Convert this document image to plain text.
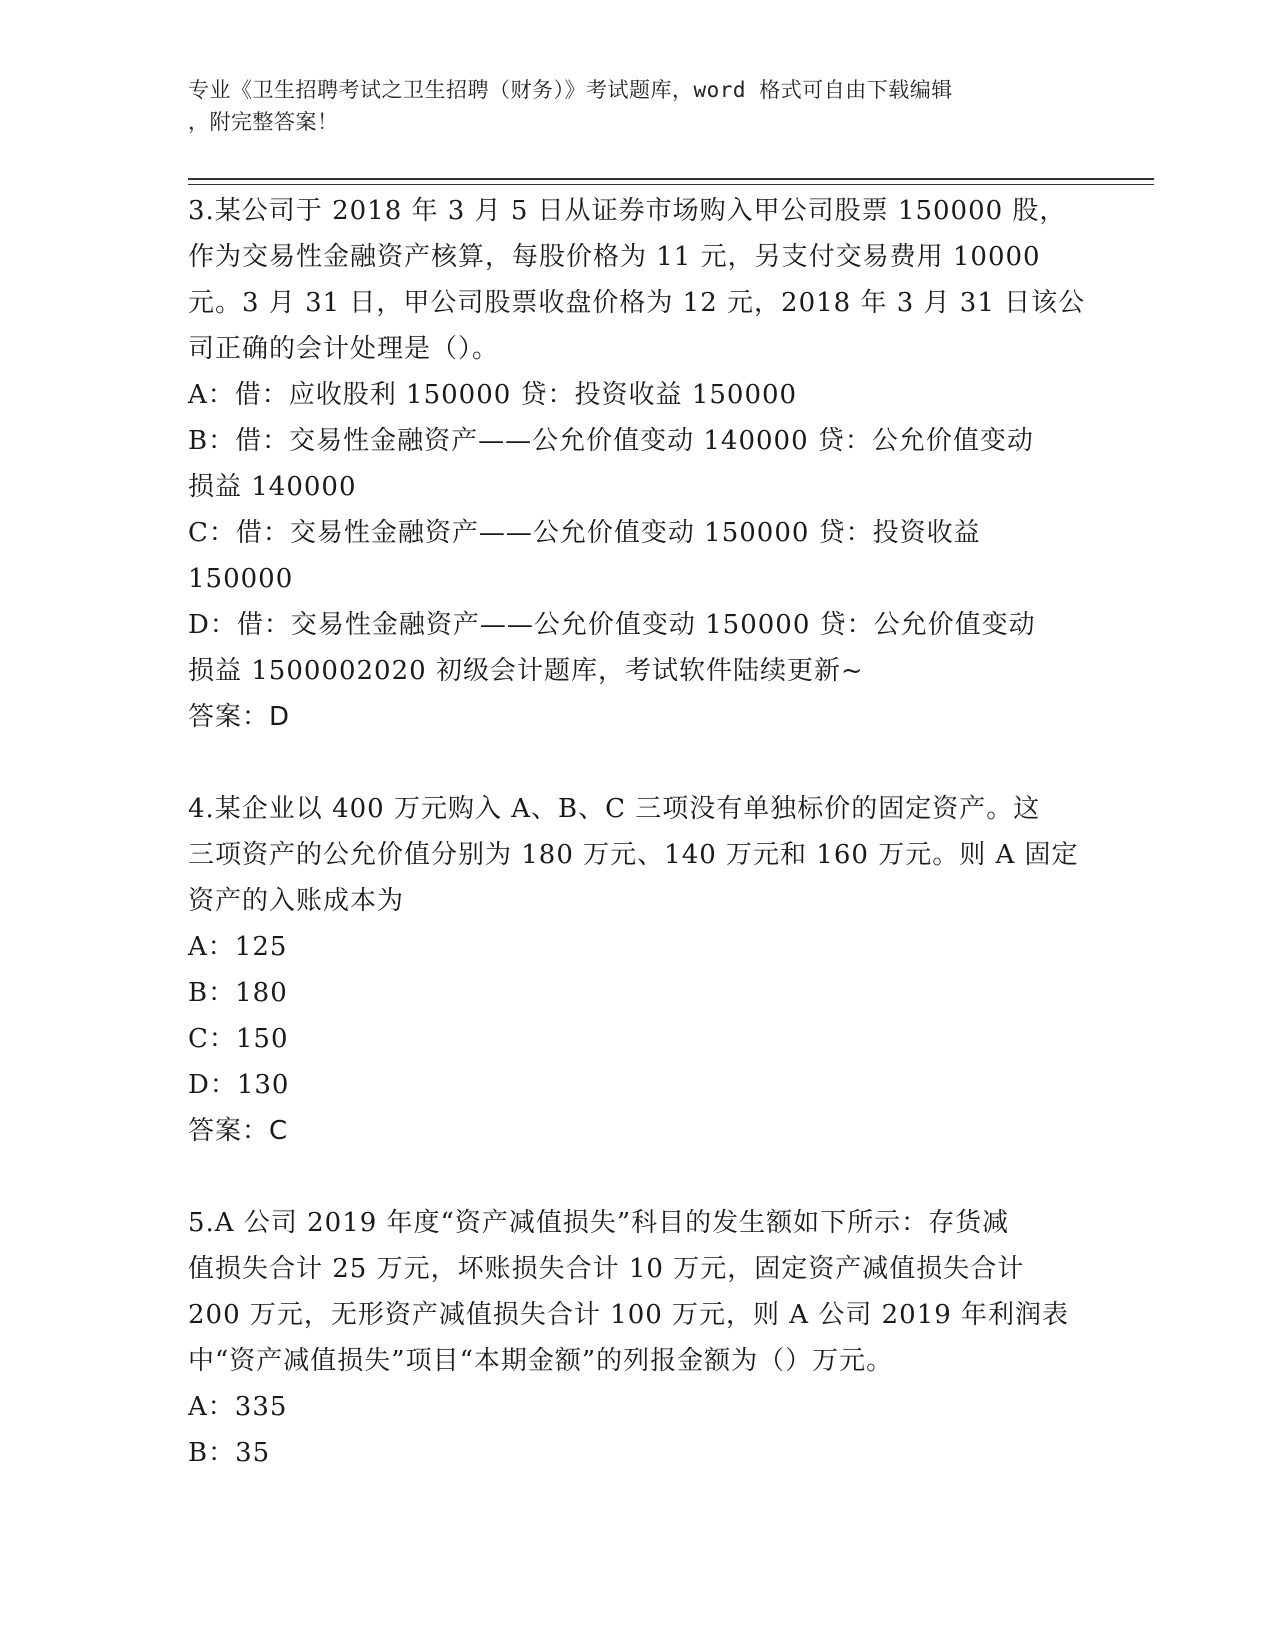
专业《卫生招聘考试之卫生招聘（财务）》考试题库，word 格式可自由下载编辑
，附完整答案！
3.某公司于 2018 年 3 月 5 日从证券市场购入甲公司股票 150000 股，
作为交易性金融资产核算，每股价格为 11 元，另支付交易费用 10000
元。3 月 31 日，甲公司股票收盘价格为 12 元，2018 年 3 月 31 日该公
司正确的会计处理是（）。
A：借：应收股利 150000 贷：投资收益 150000
B：借：交易性金融资产——公允价值变动 140000 贷：公允价值变动
损益 140000
C：借：交易性金融资产——公允价值变动 150000 贷：投资收益
150000
D：借：交易性金融资产——公允价值变动 150000 贷：公允价值变动
损益 1500002020 初级会计题库，考试软件陆续更新~
答案：D
4.某企业以 400 万元购入 A、B、C 三项没有单独标价的固定资产。这
三项资产的公允价值分别为 180 万元、140 万元和 160 万元。则 A 固定
资产的入账成本为
A：125
B：180
C：150
D：130
答案：C
5.A 公司 2019 年度“资产减值损失”科目的发生额如下所示：存货减
值损失合计 25 万元，坏账损失合计 10 万元，固定资产减值损失合计
200 万元，无形资产减值损失合计 100 万元，则 A 公司 2019 年利润表
中“资产减值损失”项目“本期金额”的列报金额为（）万元。
A：335
B：35
